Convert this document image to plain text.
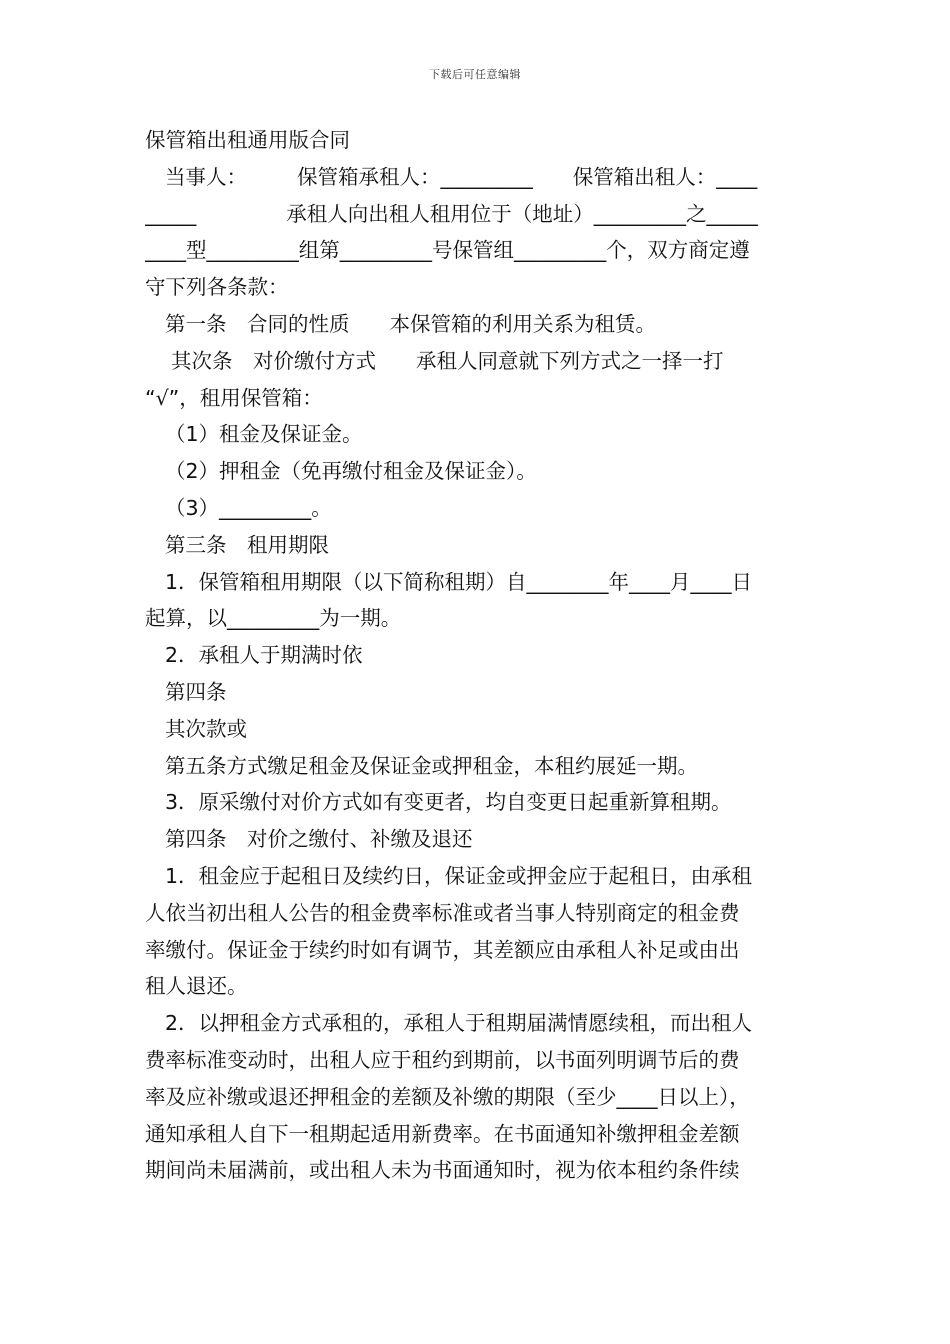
下载后可任意编辑
保管箱出租通用版合同
当事人： 保管箱承租人：_________ 保管箱出租人：____
_____	承租人向出租人租用位于（地址）_________之_____
____型_________组第_________号保管组_________个，双方商定遵
守下列各条款：
第一条　合同的性质 本保管箱的利用关系为租赁。
其次条　对价缴付方式 承租人同意就下列方式之一择一打
“√”，租用保管箱：
（1）租金及保证金。
（2）押租金（免再缴付租金及保证金）。
（3）_________。
第三条　租用期限
1．保管箱租用期限（以下简称租期）自________年____月____日
起算，以_________为一期。
2．承租人于期满时依
第四条
其次款或
第五条方式缴足租金及保证金或押租金，本租约展延一期。
3．原采缴付对价方式如有变更者，均自变更日起重新算租期。
第四条　对价之缴付、补缴及退还
1．租金应于起租日及续约日，保证金或押金应于起租日，由承租
人依当初出租人公告的租金费率标准或者当事人特别商定的租金费
率缴付。保证金于续约时如有调节，其差额应由承租人补足或由出
租人退还。
2．以押租金方式承租的，承租人于租期届满情愿续租，而出租人
费率标准变动时，出租人应于租约到期前，以书面列明调节后的费
率及应补缴或退还押租金的差额及补缴的期限（至少____日以上），
通知承租人自下一租期起适用新费率。在书面通知补缴押租金差额
期间尚未届满前，或出租人未为书面通知时，视为依本租约条件续
